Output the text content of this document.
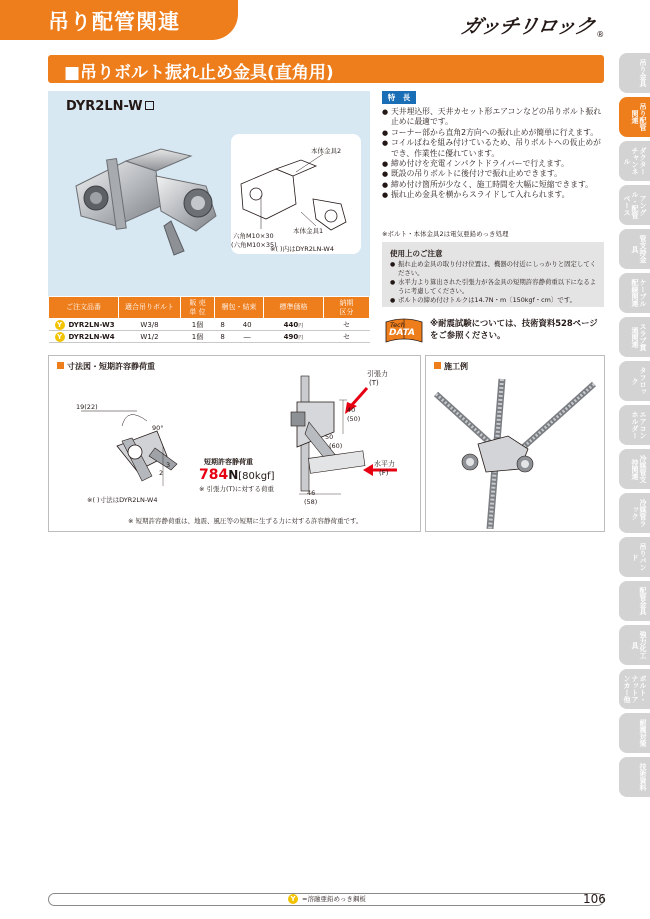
吊り配管関連	ガッチリロック®
■吊りボルト振れ止め金具(直角用)
DYR2LN-W
本体金具2
六角M10×30
(六角M10×35)
本体金具1
※( )内はDYR2LN-W4
ご注文品番	適合吊りボルト	販 売
単 位	梱包・結束		標準価格	納期
区分
Y DYR2LN-W3	W3/8	1個	8	40	440円	セ
Y DYR2LN-W4	W1/2	1個	8	―	490円	セ
特　長
● 天井埋込形、天井カセット形エアコンなどの吊りボルト振れ止めに最適です。
● コーナー部から直角2方向への振れ止めが簡単に行えます。
● コイルばねを組み付けているため、吊りボルトへの仮止めができ、作業性に優れています。
● 締め付けを充電インパクトドライバーで行えます。
● 既設の吊りボルトに後付けで振れ止めできます。
● 締め付け箇所が少なく、施工時間を大幅に短縮できます。
● 振れ止め金具を横からスライドして入れられます。
※ボルト・本体金具2は電気亜鉛めっき処理
使用上のご注意
● 振れ止め金具の取り付け位置は、機器の付近にしっかりと固定してください。
● 水平力より算出された引張力が各金具の短期許容静荷重以下になるように考慮してください。
● ボルトの締め付けトルクは14.7N・m〔150kgf・cm〕です。
Tech
DATA
※耐震試験については、技術資料528ページをご参照ください。
寸法図・短期許容静荷重
19(22)
90°
2
3
引張力
(T)
40
(50)
50
(60)
水平力
(F)
46
(58)
短期許容静荷重
784N[80kgf]
※ 引張力(T)に対する荷重
※( )寸法はDYR2LN-W4
※ 短期許容静荷重は、地震、風圧等の短期に生ずる力に対する許容静荷重です。
施工例
吊り金具
吊り配管関連
ダクターチャンネル
アングル・配管ベース
管支持金具
ケーブル配線関連
スラブ貫通関連
タフロック
エアコンホルダー
冷媒管支持関連
冷媒管ラック
吊りバンド
配管金具
強力化工具
ボルト・ナットアンカー他
耐震対策
技術資料
Y =溶融亜鉛めっき鋼板	106
